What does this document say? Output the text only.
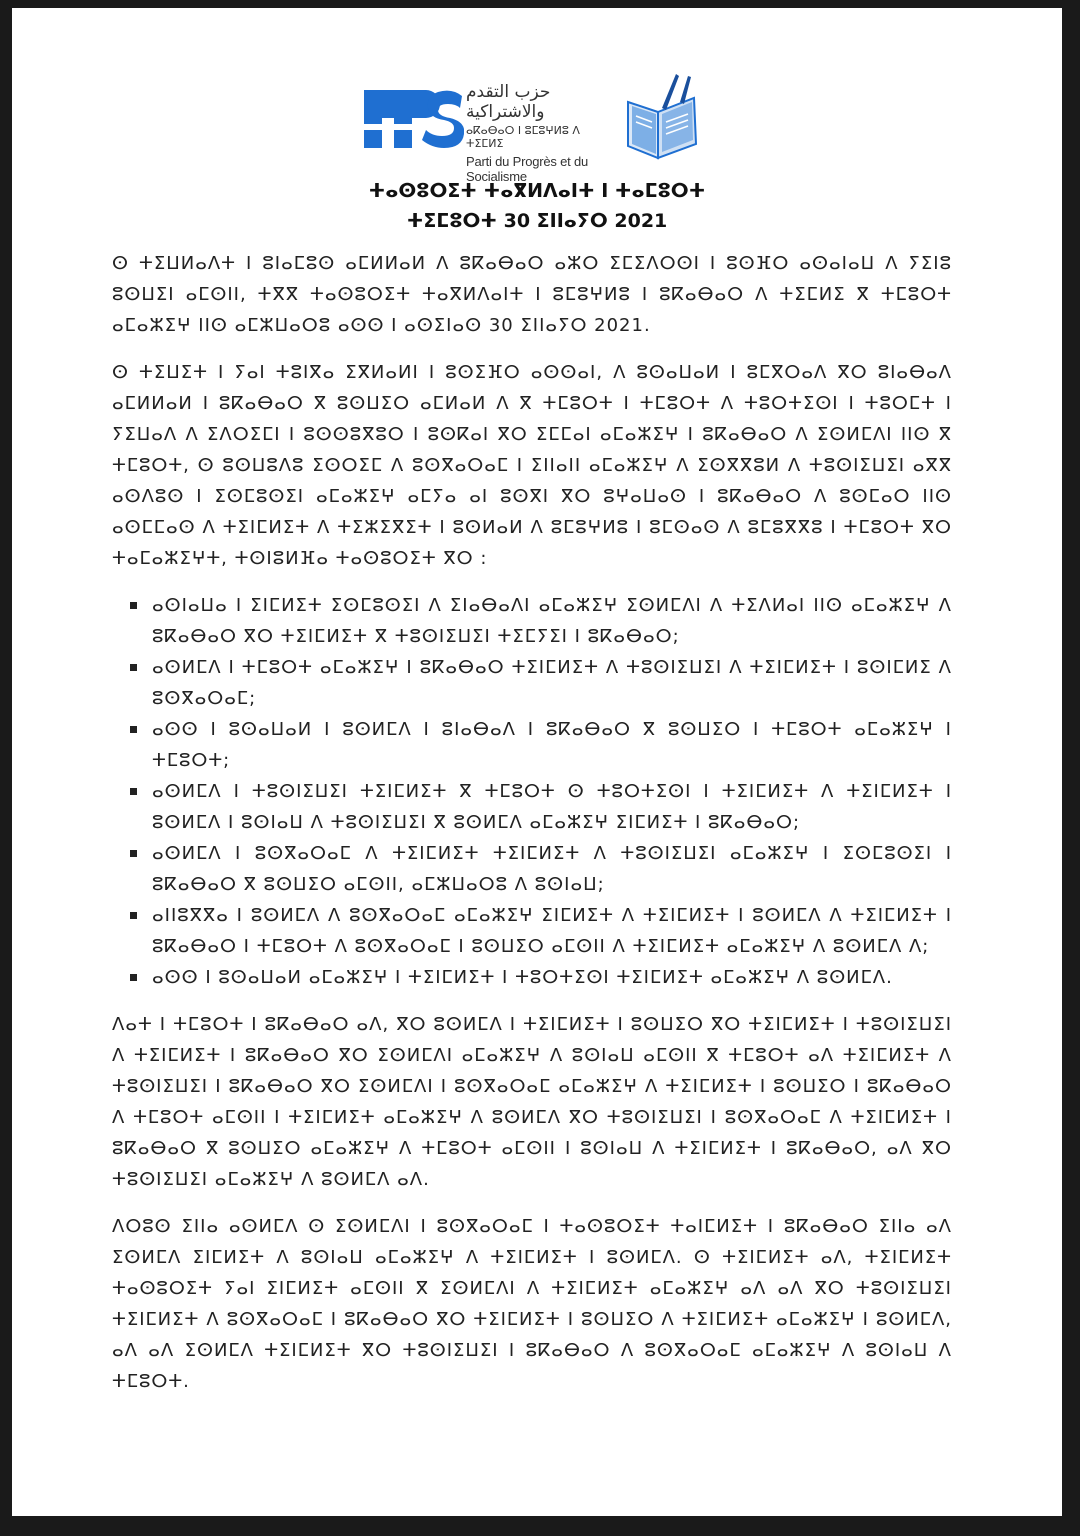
حزب التقدم والاشتراكية
ⴰⴽⴰⴱⴰⵔ ⵏ ⵓⵎⵓⵖⵍⵓ ⴷ ⵜⵉⵎⵍⵉ
Parti du Progrès et du Socialisme
ⵜⴰⵙⵓⵔⵉⵜ ⵜⴰⴳⵍⴷⴰⵏⵜ ⵏ ⵜⴰⵎⵓⵔⵜ
ⵜⵉⵎⵓⵔⵜ 30 ⵉⵏⵏⴰⵢⵔ 2021

ⵙ ⵜⵉⵡⵍⴰⴷⵜ ⵏ ⵓⵏⴰⵎⵓⵙ ⴰⵎⵍⵍⴰⵍ ⴷ ⵓⴽⴰⴱⴰⵔ ⴰⵣⵔ ⵉⵎⵉⴷⵔⵙⵏ ⵏ ⵓⵙⴼⵔ ⴰⵙⴰⵏⴰⵡ ⴷ ⵢⵉⵏⵓ ⵓⵙⵡⵉⵏ ⴰⵎⵙⵏⵏ, ⵜⴳⴳ ⵜⴰⵙⵓⵔⵉⵜ ⵜⴰⴳⵍⴷⴰⵏⵜ ⵏ ⵓⵎⵓⵖⵍⵓ ⵏ ⵓⴽⴰⴱⴰⵔ ⴷ ⵜⵉⵎⵍⵉ ⴳ ⵜⵎⵓⵔⵜ ⴰⵎⴰⵣⵉⵖ ⵏⵏⵙ ⴰⵎⵣⵡⴰⵔⵓ ⴰⵙⵙ ⵏ ⴰⵙⵉⵏⴰⵙ 30 ⵉⵏⵏⴰⵢⵔ 2021.

ⵙ ⵜⵉⵡⵉⵜ ⵏ ⵢⴰⵏ ⵜⵓⵏⴳⴰ ⵉⴳⵍⴰⵍⵏ ⵏ ⵓⵙⵉⴼⵔ ⴰⵙⵙⴰⵏ, ⴷ ⵓⵙⴰⵡⴰⵍ ⵏ ⵓⵎⴳⵔⴰⴷ ⴳⵔ ⵓⵏⴰⴱⴰⴷ ⴰⵎⵍⵍⴰⵍ ⵏ ⵓⴽⴰⴱⴰⵔ ⴳ ⵓⵙⵡⵉⵔ ⴰⵎⵍⴰⵍ ⴷ ⴳ ⵜⵎⵓⵔⵜ ⵏ ⵜⵎⵓⵔⵜ ⴷ ⵜⵓⵔⵜⵉⵙⵏ ⵏ ⵜⵓⵔⵎⵜ ⵏ ⵢⵉⵡⴰⴷ ⴷ ⵉⴷⵔⵉⵎⵏ ⵏ ⵓⵙⵙⵓⴳⵓⵔ ⵏ ⵓⵙⴽⴰⵏ ⴳⵔ ⵉⵎⵎⴰⵏ ⴰⵎⴰⵣⵉⵖ ⵏ ⵓⴽⴰⴱⴰⵔ ⴷ ⵉⵙⵍⵎⴷⵏ ⵏⵏⵙ ⴳ ⵜⵎⵓⵔⵜ, ⵙ ⵓⵙⵡⵓⴷⵓ ⵉⵙⵔⵉⵎ ⴷ ⵓⵙⴳⴰⵔⴰⵎ ⵏ ⵉⵏⵏⴰⵏⵏ ⴰⵎⴰⵣⵉⵖ ⴷ ⵉⵙⴳⴳⵓⵍ ⴷ ⵜⵓⵙⵏⵉⵡⵉⵏ ⴰⴳⴳ ⴰⵙⴷⵓⵙ ⵏ ⵉⵙⵎⵓⵙⵉⵏ ⴰⵎⴰⵣⵉⵖ ⴰⵎⵢⴰ ⴰⵏ ⵓⵙⴳⵏ ⴳⵔ ⵓⵖⴰⵡⴰⵙ ⵏ ⵓⴽⴰⴱⴰⵔ ⴷ ⵓⵙⵎⴰⵔ ⵏⵏⵙ ⴰⵙⵎⵎⴰⵙ ⴷ ⵜⵉⵏⵎⵍⵉⵜ ⴷ ⵜⵉⵣⵉⴳⵉⵜ ⵏ ⵓⵙⵍⴰⵍ ⴷ ⵓⵎⵓⵖⵍⵓ ⵏ ⵓⵎⵙⴰⵙ ⴷ ⵓⵎⵓⴳⴳⵓ ⵏ ⵜⵎⵓⵔⵜ ⴳⵔ ⵜⴰⵎⴰⵣⵉⵖⵜ, ⵜⵙⵏⵓⵍⴼⴰ ⵜⴰⵙⵓⵔⵉⵜ ⴳⵔ :

ⴰⵙⵏⴰⵡⴰ ⵏ ⵉⵏⵎⵍⵉⵜ ⵉⵙⵎⵓⵙⵉⵏ ⴷ ⵉⵏⴰⴱⴰⴷⵏ ⴰⵎⴰⵣⵉⵖ ⵉⵙⵍⵎⴷⵏ ⴷ ⵜⵉⴷⵍⴰⵏ ⵏⵏⵙ ⴰⵎⴰⵣⵉⵖ ⴷ ⵓⴽⴰⴱⴰⵔ ⴳⵔ ⵜⵉⵏⵎⵍⵉⵜ ⴳ ⵜⵓⵙⵏⵉⵡⵉⵏ ⵜⵉⵎⵢⵉⵏ ⵏ ⵓⴽⴰⴱⴰⵔ;
ⴰⵙⵍⵎⴷ ⵏ ⵜⵎⵓⵔⵜ ⴰⵎⴰⵣⵉⵖ ⵏ ⵓⴽⴰⴱⴰⵔ ⵜⵉⵏⵎⵍⵉⵜ ⴷ ⵜⵓⵙⵏⵉⵡⵉⵏ ⴷ ⵜⵉⵏⵎⵍⵉⵜ ⵏ ⵓⵙⵏⵎⵍⵉ ⴷ ⵓⵙⴳⴰⵔⴰⵎ;
ⴰⵙⵙ ⵏ ⵓⵙⴰⵡⴰⵍ ⵏ ⵓⵙⵍⵎⴷ ⵏ ⵓⵏⴰⴱⴰⴷ ⵏ ⵓⴽⴰⴱⴰⵔ ⴳ ⵓⵙⵡⵉⵔ ⵏ ⵜⵎⵓⵔⵜ ⴰⵎⴰⵣⵉⵖ ⵏ ⵜⵎⵓⵔⵜ;
ⴰⵙⵍⵎⴷ ⵏ ⵜⵓⵙⵏⵉⵡⵉⵏ ⵜⵉⵏⵎⵍⵉⵜ ⴳ ⵜⵎⵓⵔⵜ ⵙ ⵜⵓⵔⵜⵉⵙⵏ ⵏ ⵜⵉⵏⵎⵍⵉⵜ ⴷ ⵜⵉⵏⵎⵍⵉⵜ ⵏ ⵓⵙⵍⵎⴷ ⵏ ⵓⵙⵏⴰⵡ ⴷ ⵜⵓⵙⵏⵉⵡⵉⵏ ⴳ ⵓⵙⵍⵎⴷ ⴰⵎⴰⵣⵉⵖ ⵉⵏⵎⵍⵉⵜ ⵏ ⵓⴽⴰⴱⴰⵔ;
ⴰⵙⵍⵎⴷ ⵏ ⵓⵙⴳⴰⵔⴰⵎ ⴷ ⵜⵉⵏⵎⵍⵉⵜ ⵜⵉⵏⵎⵍⵉⵜ ⴷ ⵜⵓⵙⵏⵉⵡⵉⵏ ⴰⵎⴰⵣⵉⵖ ⵏ ⵉⵙⵎⵓⵙⵉⵏ ⵏ ⵓⴽⴰⴱⴰⵔ ⴳ ⵓⵙⵡⵉⵔ ⴰⵎⵙⵏⵏ, ⴰⵎⵣⵡⴰⵔⵓ ⴷ ⵓⵙⵏⴰⵡ;
ⴰⵏⵏⵓⴳⴳⴰ ⵏ ⵓⵙⵍⵎⴷ ⴷ ⵓⵙⴳⴰⵔⴰⵎ ⴰⵎⴰⵣⵉⵖ ⵉⵏⵎⵍⵉⵜ ⴷ ⵜⵉⵏⵎⵍⵉⵜ ⵏ ⵓⵙⵍⵎⴷ ⴷ ⵜⵉⵏⵎⵍⵉⵜ ⵏ ⵓⴽⴰⴱⴰⵔ ⵏ ⵜⵎⵓⵔⵜ ⴷ ⵓⵙⴳⴰⵔⴰⵎ ⵏ ⵓⵙⵡⵉⵔ ⴰⵎⵙⵏⵏ ⴷ ⵜⵉⵏⵎⵍⵉⵜ ⴰⵎⴰⵣⵉⵖ ⴷ ⵓⵙⵍⵎⴷ ⴷ;
ⴰⵙⵙ ⵏ ⵓⵙⴰⵡⴰⵍ ⴰⵎⴰⵣⵉⵖ ⵏ ⵜⵉⵏⵎⵍⵉⵜ ⵏ ⵜⵓⵔⵜⵉⵙⵏ ⵜⵉⵏⵎⵍⵉⵜ ⴰⵎⴰⵣⵉⵖ ⴷ ⵓⵙⵍⵎⴷ.

ⴷⴰⵜ ⵏ ⵜⵎⵓⵔⵜ ⵏ ⵓⴽⴰⴱⴰⵔ ⴰⴷ, ⴳⵔ ⵓⵙⵍⵎⴷ ⵏ ⵜⵉⵏⵎⵍⵉⵜ ⵏ ⵓⵙⵡⵉⵔ ⴳⵔ ⵜⵉⵏⵎⵍⵉⵜ ⵏ ⵜⵓⵙⵏⵉⵡⵉⵏ ⴷ ⵜⵉⵏⵎⵍⵉⵜ ⵏ ⵓⴽⴰⴱⴰⵔ ⴳⵔ ⵉⵙⵍⵎⴷⵏ ⴰⵎⴰⵣⵉⵖ ⴷ ⵓⵙⵏⴰⵡ ⴰⵎⵙⵏⵏ ⴳ ⵜⵎⵓⵔⵜ ⴰⴷ ⵜⵉⵏⵎⵍⵉⵜ ⴷ ⵜⵓⵙⵏⵉⵡⵉⵏ ⵏ ⵓⴽⴰⴱⴰⵔ ⴳⵔ ⵉⵙⵍⵎⴷⵏ ⵏ ⵓⵙⴳⴰⵔⴰⵎ ⴰⵎⴰⵣⵉⵖ ⴷ ⵜⵉⵏⵎⵍⵉⵜ ⵏ ⵓⵙⵡⵉⵔ ⵏ ⵓⴽⴰⴱⴰⵔ ⴷ ⵜⵎⵓⵔⵜ ⴰⵎⵙⵏⵏ ⵏ ⵜⵉⵏⵎⵍⵉⵜ ⴰⵎⴰⵣⵉⵖ ⴷ ⵓⵙⵍⵎⴷ ⴳⵔ ⵜⵓⵙⵏⵉⵡⵉⵏ ⵏ ⵓⵙⴳⴰⵔⴰⵎ ⴷ ⵜⵉⵏⵎⵍⵉⵜ ⵏ ⵓⴽⴰⴱⴰⵔ ⴳ ⵓⵙⵡⵉⵔ ⴰⵎⴰⵣⵉⵖ ⴷ ⵜⵎⵓⵔⵜ ⴰⵎⵙⵏⵏ ⵏ ⵓⵙⵏⴰⵡ ⴷ ⵜⵉⵏⵎⵍⵉⵜ ⵏ ⵓⴽⴰⴱⴰⵔ, ⴰⴷ ⴳⵔ ⵜⵓⵙⵏⵉⵡⵉⵏ ⴰⵎⴰⵣⵉⵖ ⴷ ⵓⵙⵍⵎⴷ ⴰⴷ.

ⴷⵔⵓⵙ ⵉⵏⵏⴰ ⴰⵙⵍⵎⴷ ⵙ ⵉⵙⵍⵎⴷⵏ ⵏ ⵓⵙⴳⴰⵔⴰⵎ ⵏ ⵜⴰⵙⵓⵔⵉⵜ ⵜⴰⵏⵎⵍⵉⵜ ⵏ ⵓⴽⴰⴱⴰⵔ ⵉⵏⵏⴰ ⴰⴷ ⵉⵙⵍⵎⴷ ⵉⵏⵎⵍⵉⵜ ⴷ ⵓⵙⵏⴰⵡ ⴰⵎⴰⵣⵉⵖ ⴷ ⵜⵉⵏⵎⵍⵉⵜ ⵏ ⵓⵙⵍⵎⴷ. ⵙ ⵜⵉⵏⵎⵍⵉⵜ ⴰⴷ, ⵜⵉⵏⵎⵍⵉⵜ ⵜⴰⵙⵓⵔⵉⵜ ⵢⴰⵏ ⵉⵏⵎⵍⵉⵜ ⴰⵎⵙⵏⵏ ⴳ ⵉⵙⵍⵎⴷⵏ ⴷ ⵜⵉⵏⵎⵍⵉⵜ ⴰⵎⴰⵣⵉⵖ ⴰⴷ ⴰⴷ ⴳⵔ ⵜⵓⵙⵏⵉⵡⵉⵏ ⵜⵉⵏⵎⵍⵉⵜ ⴷ ⵓⵙⴳⴰⵔⴰⵎ ⵏ ⵓⴽⴰⴱⴰⵔ ⴳⵔ ⵜⵉⵏⵎⵍⵉⵜ ⵏ ⵓⵙⵡⵉⵔ ⴷ ⵜⵉⵏⵎⵍⵉⵜ ⴰⵎⴰⵣⵉⵖ ⵏ ⵓⵙⵍⵎⴷ, ⴰⴷ ⴰⴷ ⵉⵙⵍⵎⴷ ⵜⵉⵏⵎⵍⵉⵜ ⴳⵔ ⵜⵓⵙⵏⵉⵡⵉⵏ ⵏ ⵓⴽⴰⴱⴰⵔ ⴷ ⵓⵙⴳⴰⵔⴰⵎ ⴰⵎⴰⵣⵉⵖ ⴷ ⵓⵙⵏⴰⵡ ⴷ ⵜⵎⵓⵔⵜ.
